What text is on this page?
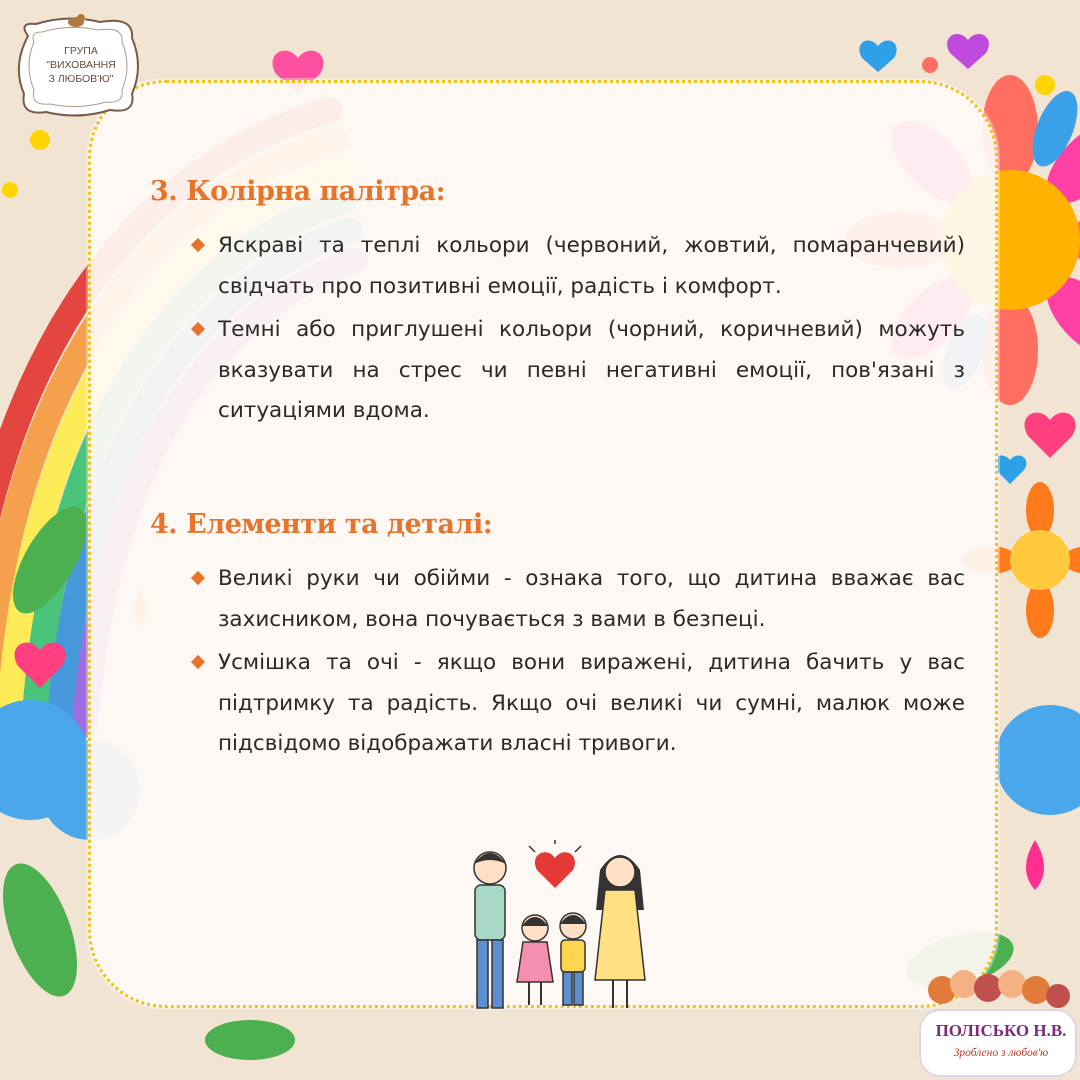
ГРУПА
"ВИХОВАННЯ
З ЛЮБОВ'Ю"

3. Колірна палітра:
Яскраві та теплі кольори (червоний, жовтий, помаранчевий) свідчать про позитивні емоції, радість і комфорт.
Темні або приглушені кольори (чорний, коричневий) можуть вказувати на стрес чи певні негативні емоції, пов'язані з ситуаціями вдома.
4. Елементи та деталі:
Великі руки чи обійми - ознака того, що дитина вважає вас захисником, вона почувається з вами в безпеці.
Усмішка та очі - якщо вони виражені, дитина бачить у вас підтримку та радість. Якщо очі великі чи сумні, малюк може підсвідомо відображати власні тривоги.

ПОЛІСЬКО Н.В.

Зроблено з любов'ю
